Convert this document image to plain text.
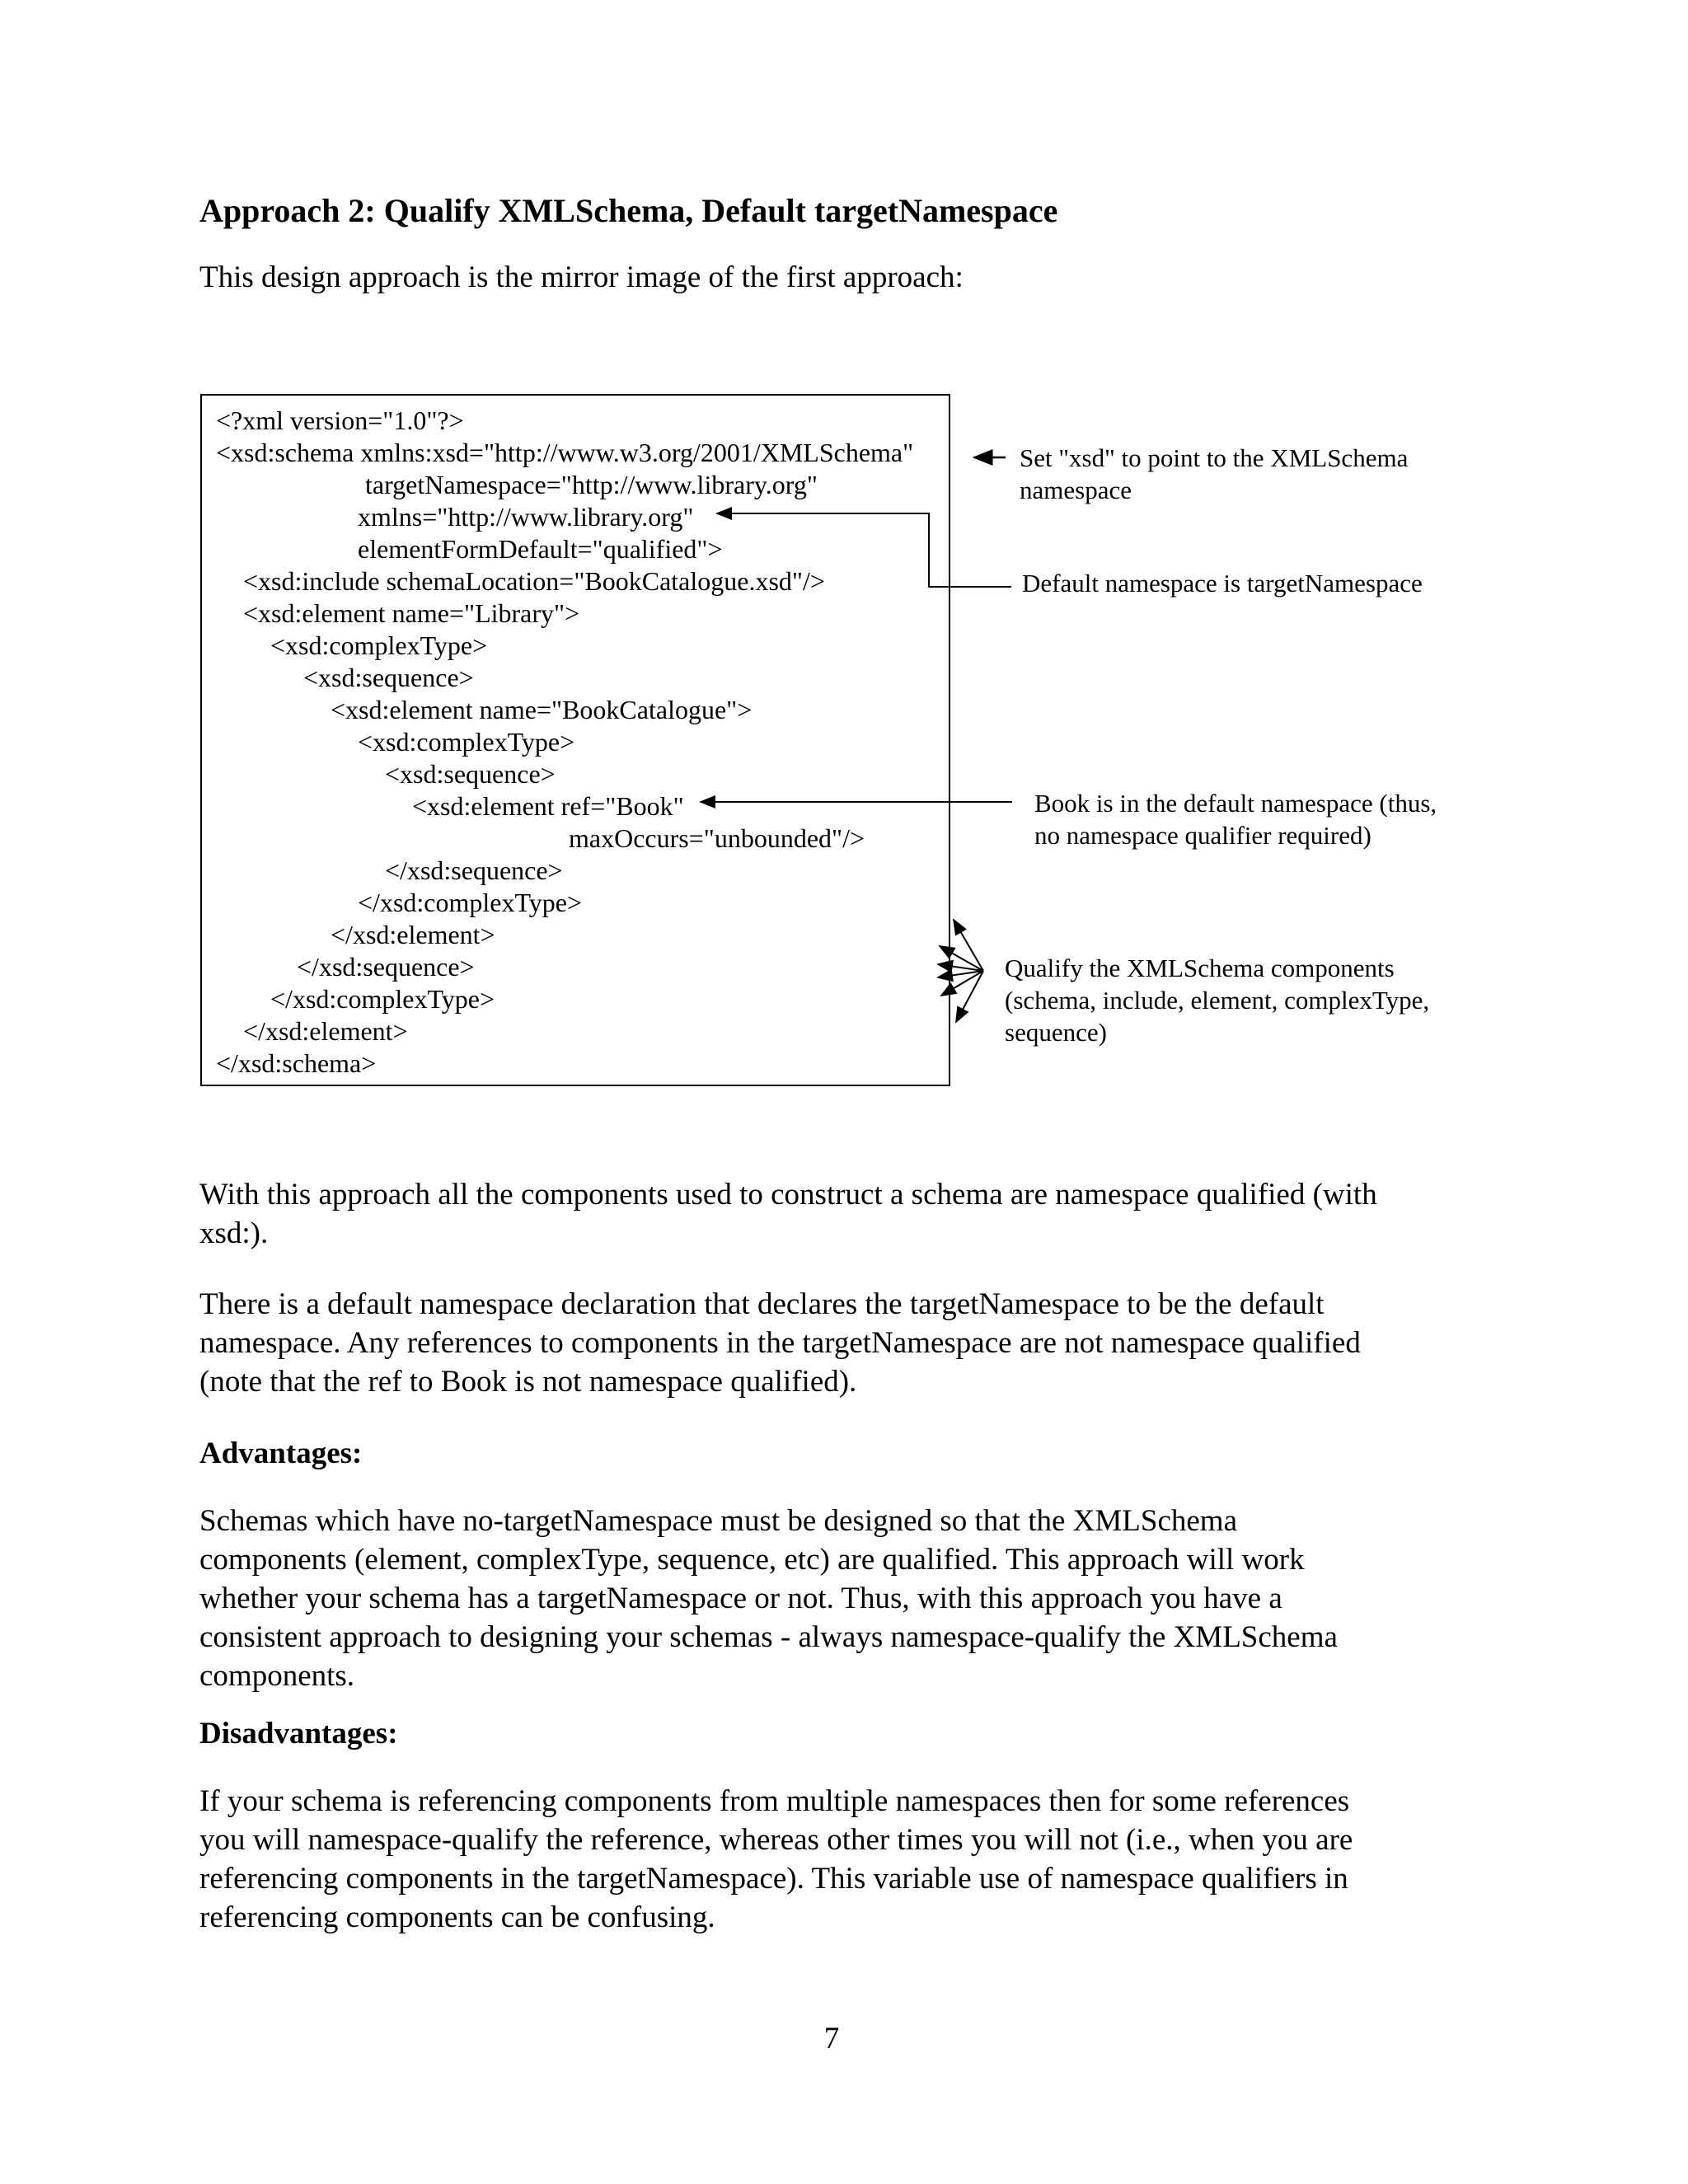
Approach 2: Qualify XMLSchema, Default targetNamespace
This design approach is the mirror image of the first approach:
<?xml version="1.0"?>
<xsd:schema xmlns:xsd="http://www.w3.org/2001/XMLSchema"
targetNamespace="http://www.library.org"
xmlns="http://www.library.org"
elementFormDefault="qualified">
<xsd:include schemaLocation="BookCatalogue.xsd"/>
<xsd:element name="Library">
<xsd:complexType>
<xsd:sequence>
<xsd:element name="BookCatalogue">
<xsd:complexType>
<xsd:sequence>
<xsd:element ref="Book"
maxOccurs="unbounded"/>
</xsd:sequence>
</xsd:complexType>
</xsd:element>
</xsd:sequence>
</xsd:complexType>
</xsd:element>
</xsd:schema>
Set "xsd" to point to the XMLSchema
namespace
Default namespace is targetNamespace
Book is in the default namespace (thus,
no namespace qualifier required)
Qualify the XMLSchema components
(schema, include, element, complexType,
sequence)
With this approach all the components used to construct a schema are namespace qualified (with
xsd:).
There is a default namespace declaration that declares the targetNamespace to be the default
namespace. Any references to components in the targetNamespace are not namespace qualified
(note that the ref to Book is not namespace qualified).
Advantages:
Schemas which have no-targetNamespace must be designed so that the XMLSchema
components (element, complexType, sequence, etc) are qualified. This approach will work
whether your schema has a targetNamespace or not. Thus, with this approach you have a
consistent approach to designing your schemas - always namespace-qualify the XMLSchema
components.
Disadvantages:
If your schema is referencing components from multiple namespaces then for some references
you will namespace-qualify the reference, whereas other times you will not (i.e., when you are
referencing components in the targetNamespace). This variable use of namespace qualifiers in
referencing components can be confusing.
7
